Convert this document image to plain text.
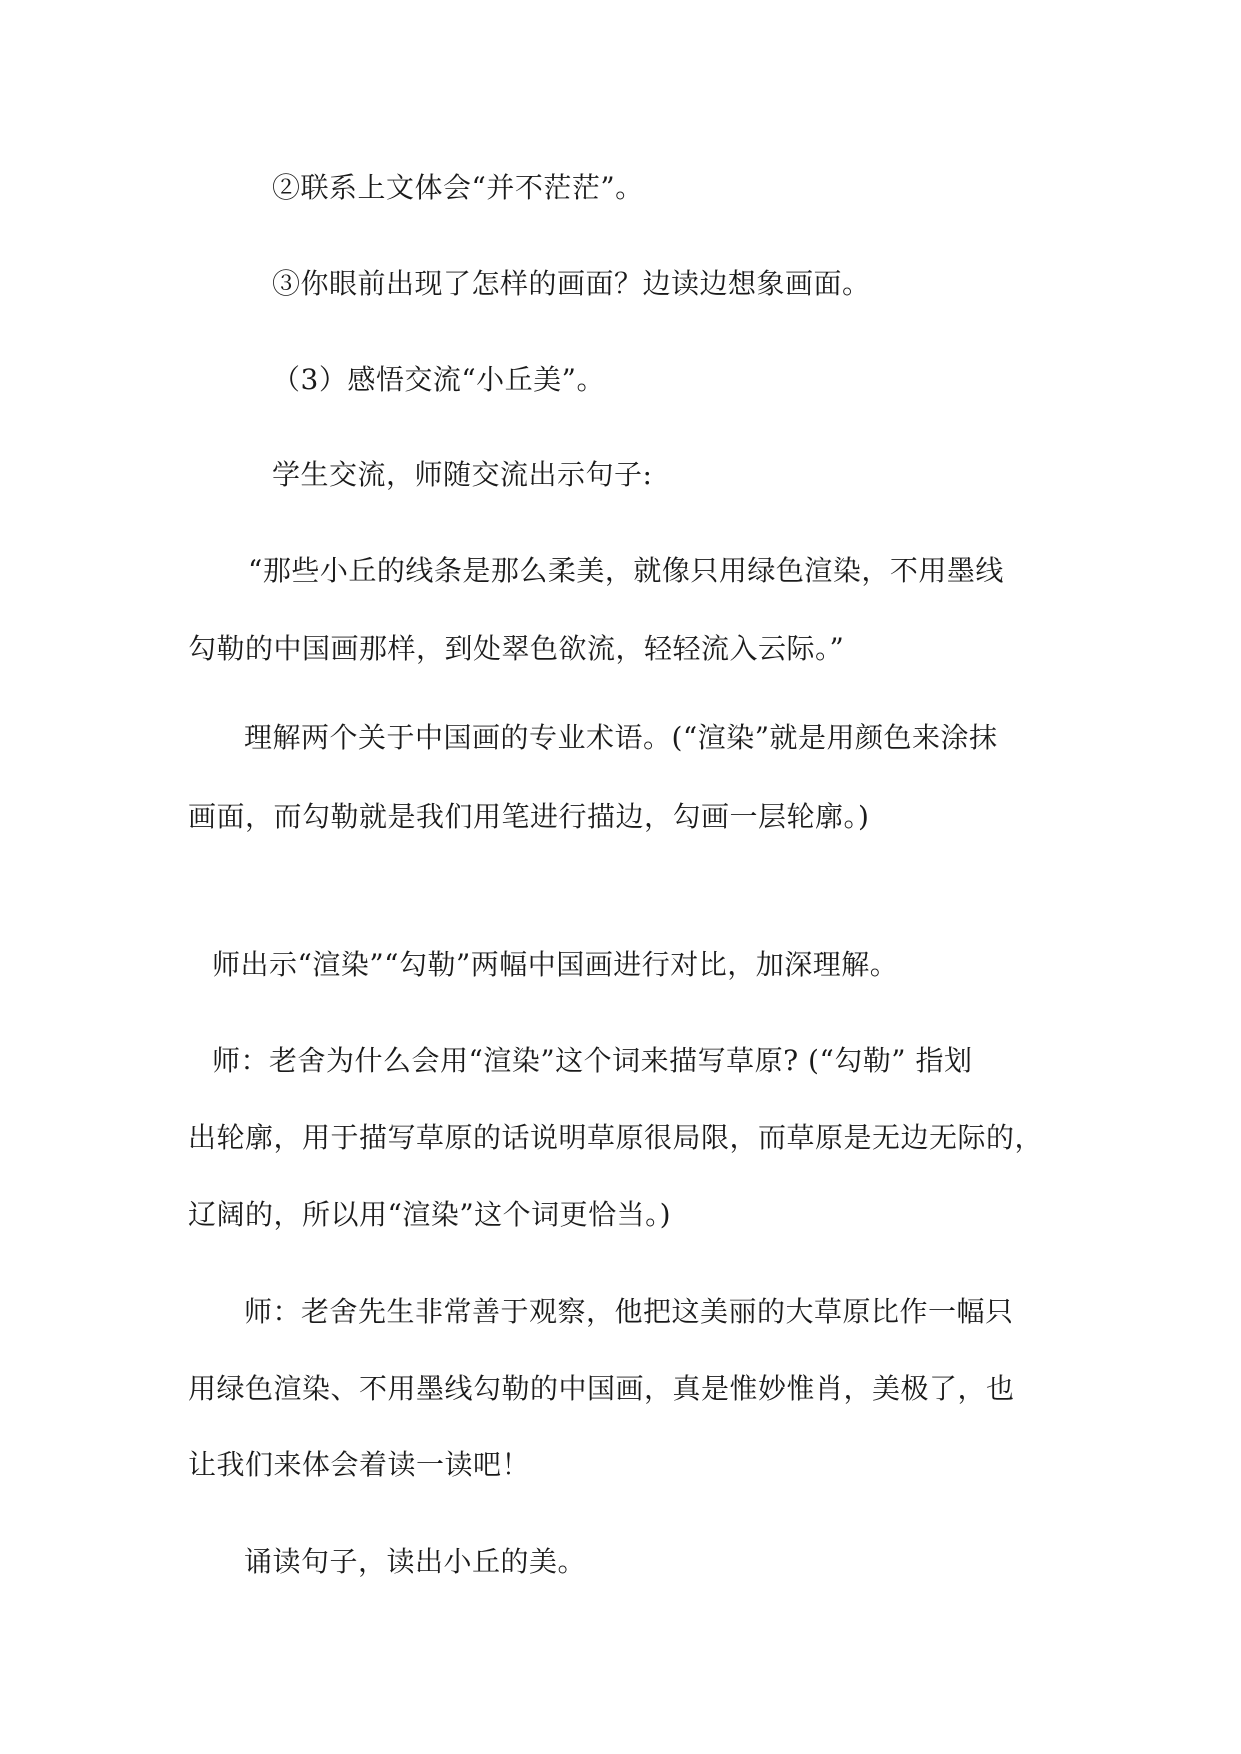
②联系上文体会“并不茫茫”。
③你眼前出现了怎样的画面？边读边想象画面。
（3）感悟交流“小丘美”。
学生交流，师随交流出示句子:
“那些小丘的线条是那么柔美，就像只用绿色渲染，不用墨线
勾勒的中国画那样，到处翠色欲流，轻轻流入云际。”
理解两个关于中国画的专业术语。(“渲染”就是用颜色来涂抹
画面，而勾勒就是我们用笔进行描边，勾画一层轮廓。)
师出示“渲染”“勾勒”两幅中国画进行对比，加深理解。
师：老舍为什么会用“渲染”这个词来描写草原? (“勾勒” 指划
出轮廓，用于描写草原的话说明草原很局限，而草原是无边无际的，
辽阔的，所以用“渲染”这个词更恰当。)
师：老舍先生非常善于观察，他把这美丽的大草原比作一幅只
用绿色渲染、不用墨线勾勒的中国画，真是惟妙惟肖，美极了，也
让我们来体会着读一读吧！
诵读句子，读出小丘的美。
